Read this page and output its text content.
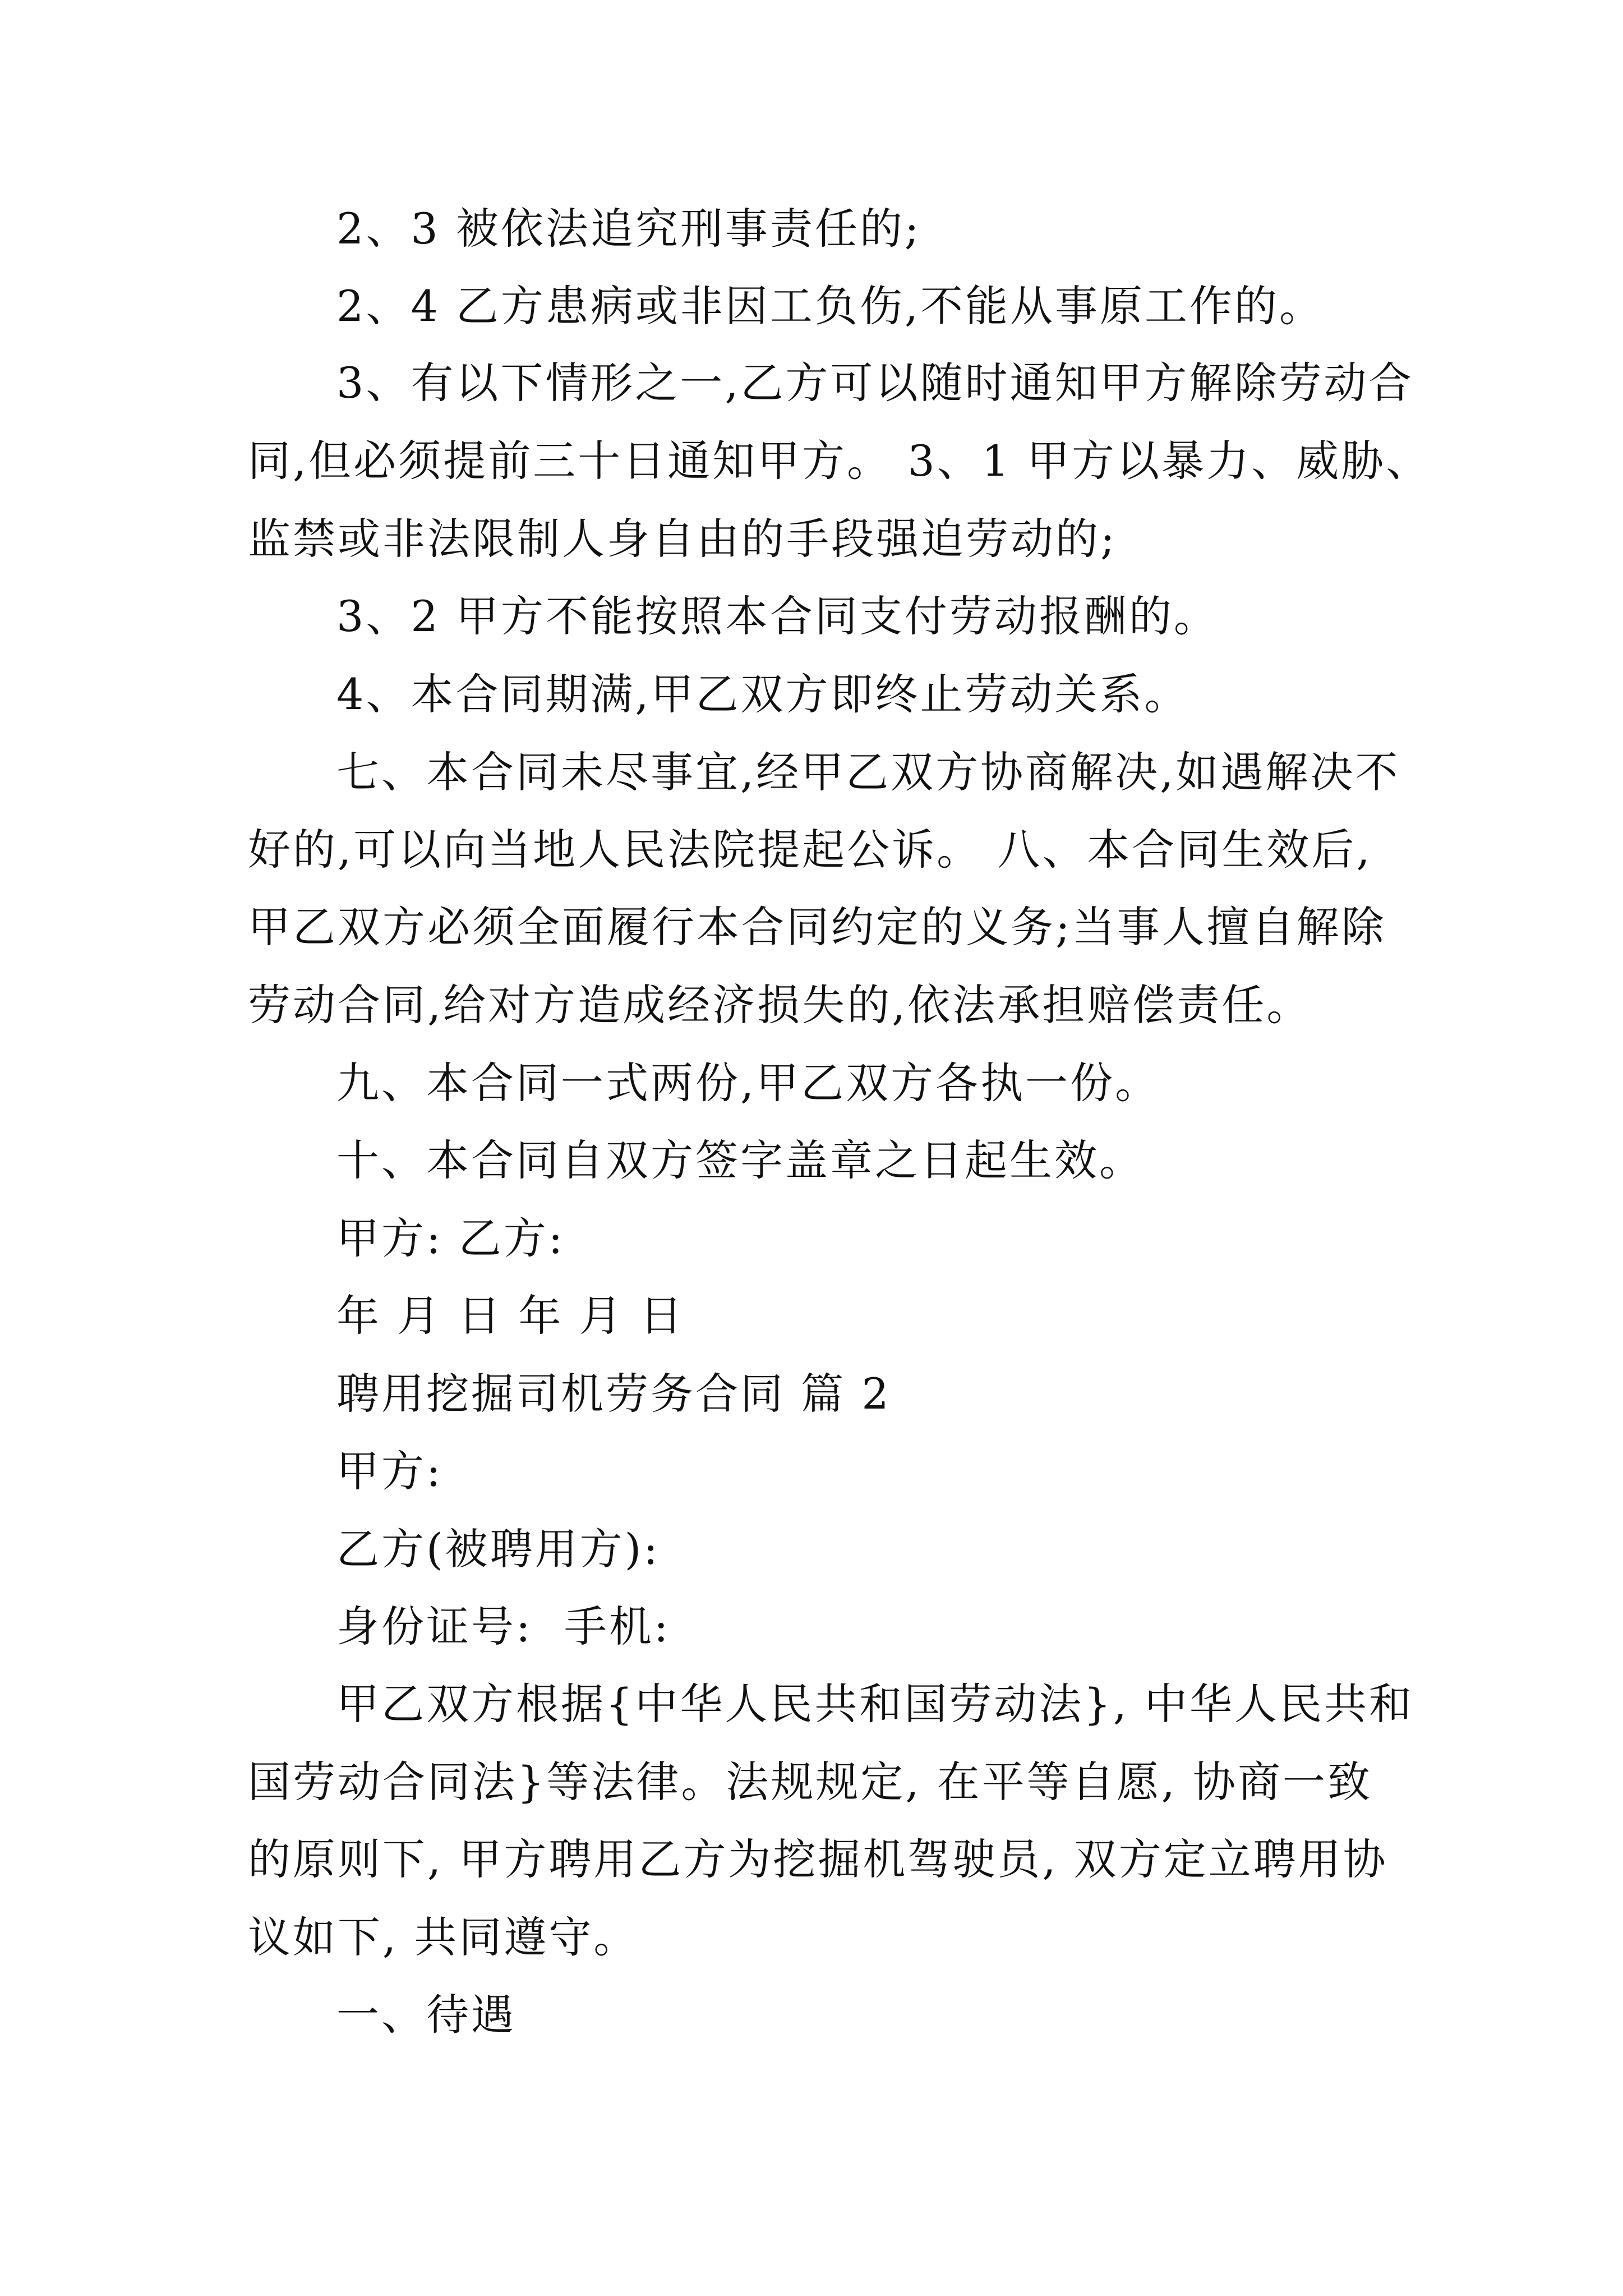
2、3 被依法追究刑事责任的;
2、4 乙方患病或非因工负伤,不能从事原工作的。
3、有以下情形之一,乙方可以随时通知甲方解除劳动合
同,但必须提前三十日通知甲方。 3、1 甲方以暴力、威胁、
监禁或非法限制人身自由的手段强迫劳动的;
3、2 甲方不能按照本合同支付劳动报酬的。
4、本合同期满,甲乙双方即终止劳动关系。
七、本合同未尽事宜,经甲乙双方协商解决,如遇解决不
好的,可以向当地人民法院提起公诉。 八、本合同生效后,
甲乙双方必须全面履行本合同约定的义务;当事人擅自解除
劳动合同,给对方造成经济损失的,依法承担赔偿责任。
九、本合同一式两份,甲乙双方各执一份。
十、本合同自双方签字盖章之日起生效。
甲方: 乙方:
年 月 日 年 月 日
聘用挖掘司机劳务合同 篇 2
甲方:
乙方(被聘用方):
身份证号:  手机:
甲乙双方根据{中华人民共和国劳动法}, 中华人民共和
国劳动合同法}等法律。法规规定, 在平等自愿, 协商一致
的原则下, 甲方聘用乙方为挖掘机驾驶员, 双方定立聘用协
议如下, 共同遵守。
一、待遇
